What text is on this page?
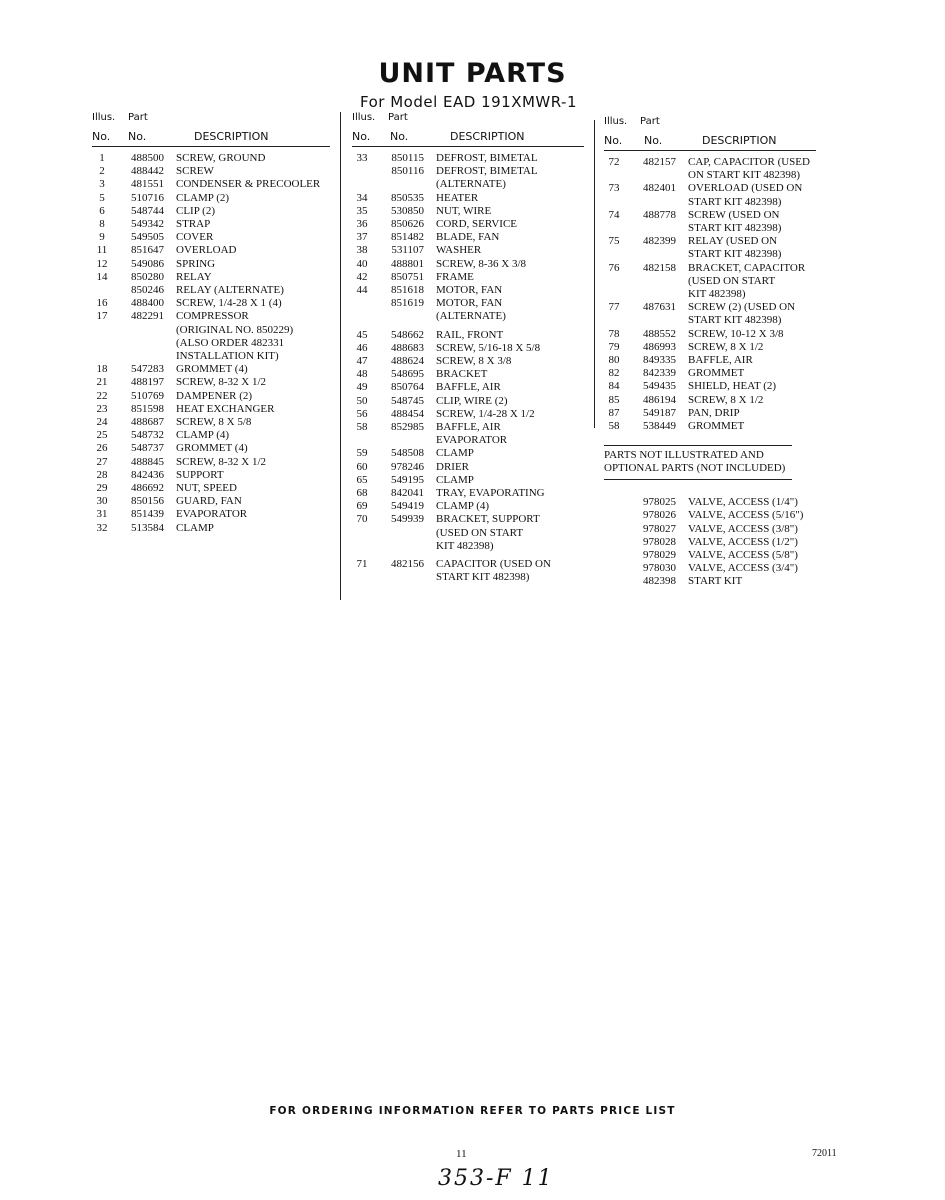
UNIT PARTS
For Model EAD 191XMWR-1
Illus. Part
No. No.	DESCRIPTION
1	488500	SCREW, GROUND
2	488442	SCREW
3	481551	CONDENSER & PRECOOLER
5	510716	CLAMP (2)
6	548744	CLIP (2)
8	549342	STRAP
9	549505	COVER
11	851647	OVERLOAD
12	549086	SPRING
14	850280	RELAY
850246	RELAY (ALTERNATE)
16	488400	SCREW, 1/4-28 X 1 (4)
17	482291	COMPRESSOR
(ORIGINAL NO. 850229)
(ALSO ORDER 482331
INSTALLATION KIT)
18	547283	GROMMET (4)
21	488197	SCREW, 8-32 X 1/2
22	510769	DAMPENER (2)
23	851598	HEAT EXCHANGER
24	488687	SCREW, 8 X 5/8
25	548732	CLAMP (4)
26	548737	GROMMET (4)
27	488845	SCREW, 8-32 X 1/2
28	842436	SUPPORT
29	486692	NUT, SPEED
30	850156	GUARD, FAN
31	851439	EVAPORATOR
32	513584	CLAMP
Illus. Part
No. No.	DESCRIPTION
33	850115	DEFROST, BIMETAL
850116	DEFROST, BIMETAL
(ALTERNATE)
34	850535	HEATER
35	530850	NUT, WIRE
36	850626	CORD, SERVICE
37	851482	BLADE, FAN
38	531107	WASHER
40	488801	SCREW, 8-36 X 3/8
42	850751	FRAME
44	851618	MOTOR, FAN
851619	MOTOR, FAN
(ALTERNATE)
45	548662	RAIL, FRONT
46	488683	SCREW, 5/16-18 X 5/8
47	488624	SCREW, 8 X 3/8
48	548695	BRACKET
49	850764	BAFFLE, AIR
50	548745	CLIP, WIRE (2)
56	488454	SCREW, 1/4-28 X 1/2
58	852985	BAFFLE, AIR
EVAPORATOR
59	548508	CLAMP
60	978246	DRIER
65	549195	CLAMP
68	842041	TRAY, EVAPORATING
69	549419	CLAMP (4)
70	549939	BRACKET, SUPPORT
(USED ON START
KIT 482398)
71	482156	CAPACITOR (USED ON
START KIT 482398)
Illus. Part
No. No.	DESCRIPTION
72	482157	CAP, CAPACITOR (USED
ON START KIT 482398)
73	482401	OVERLOAD (USED ON
START KIT 482398)
74	488778	SCREW (USED ON
START KIT 482398)
75	482399	RELAY (USED ON
START KIT 482398)
76	482158	BRACKET, CAPACITOR
(USED ON START
KIT 482398)
77	487631	SCREW (2) (USED ON
START KIT 482398)
78	488552	SCREW, 10-12 X 3/8
79	486993	SCREW, 8 X 1/2
80	849335	BAFFLE, AIR
82	842339	GROMMET
84	549435	SHIELD, HEAT (2)
85	486194	SCREW, 8 X 1/2
87	549187	PAN, DRIP
58	538449	GROMMET
PARTS NOT ILLUSTRATED AND
OPTIONAL PARTS (NOT INCLUDED)
978025	VALVE, ACCESS (1/4")
978026	VALVE, ACCESS (5/16")
978027	VALVE, ACCESS (3/8")
978028	VALVE, ACCESS (1/2")
978029	VALVE, ACCESS (5/8")
978030	VALVE, ACCESS (3/4")
482398	START KIT
FOR ORDERING INFORMATION REFER TO PARTS PRICE LIST
11	72011
353-F 11
